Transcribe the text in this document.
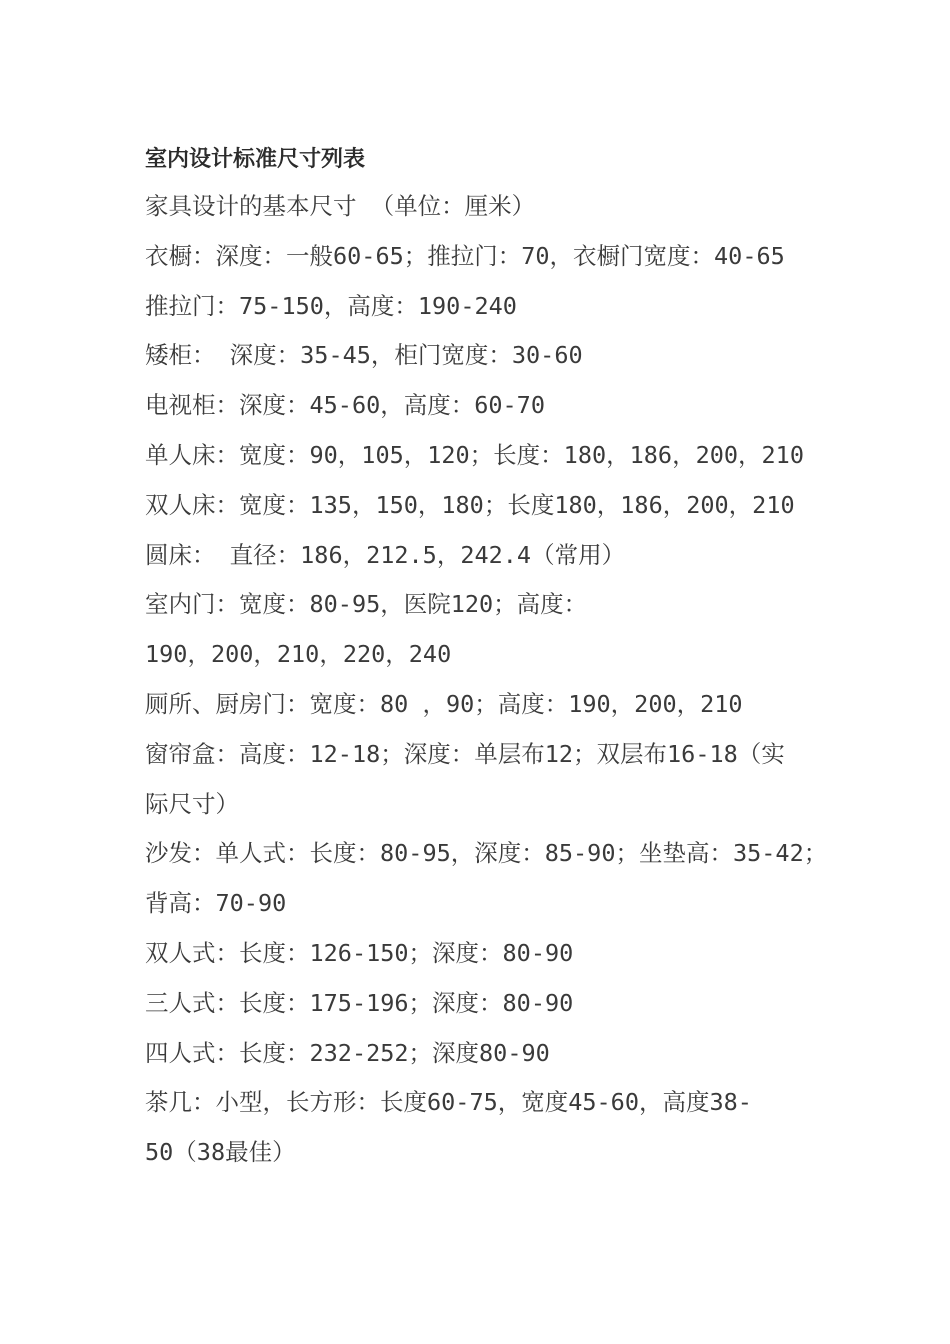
室内设计标准尺寸列表

家具设计的基本尺寸 （单位：厘米）

衣橱：深度：一般60-65；推拉门：70，衣橱门宽度：40-65

推拉门：75-150，高度：190-240

矮柜： 深度：35-45，柜门宽度：30-60

电视柜：深度：45-60，高度：60-70

单人床：宽度：90，105，120；长度：180，186，200，210

双人床：宽度：135，150，180；长度180，186，200，210

圆床： 直径：186，212.5，242.4（常用）

室内门：宽度：80-95，医院120；高度：

190，200，210，220，240

厕所、厨房门：宽度：80 ，90；高度：190，200，210

窗帘盒：高度：12-18；深度：单层布12；双层布16-18（实

际尺寸）

沙发：单人式：长度：80-95，深度：85-90；坐垫高：35-42；

背高：70-90

双人式：长度：126-150；深度：80-90

三人式：长度：175-196；深度：80-90

四人式：长度：232-252；深度80-90

茶几：小型，长方形：长度60-75，宽度45-60，高度38-

50（38最佳）
